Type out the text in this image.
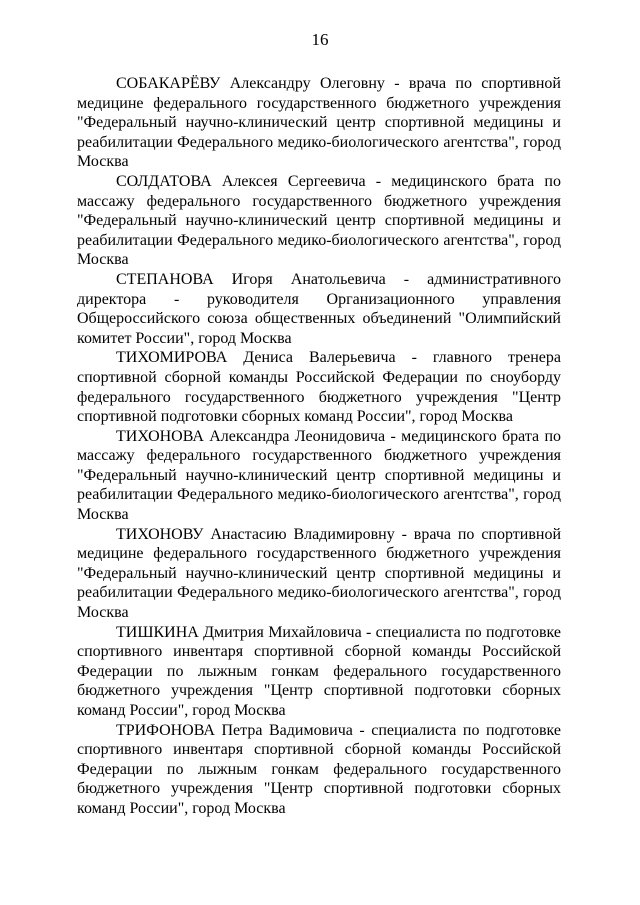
16

СОБАКАРЁВУ Александру Олеговну - врача по спортивной медицине федерального государственного бюджетного учреждения "Федеральный научно-клинический центр спортивной медицины и реабилитации Федерального медико-биологического агентства", город Москва

СОЛДАТОВА Алексея Сергеевича - медицинского брата по массажу федерального государственного бюджетного учреждения "Федеральный научно-клинический центр спортивной медицины и реабилитации Федерального медико-биологического агентства", город Москва

СТЕПАНОВА Игоря Анатольевича - административного директора - руководителя Организационного управления Общероссийского союза общественных объединений "Олимпийский комитет России", город Москва

ТИХОМИРОВА Дениса Валерьевича - главного тренера спортивной сборной команды Российской Федерации по сноуборду федерального государственного бюджетного учреждения "Центр спортивной подготовки сборных команд России", город Москва

ТИХОНОВА Александра Леонидовича - медицинского брата по массажу федерального государственного бюджетного учреждения "Федеральный научно-клинический центр спортивной медицины и реабилитации Федерального медико-биологического агентства", город Москва

ТИХОНОВУ Анастасию Владимировну - врача по спортивной медицине федерального государственного бюджетного учреждения "Федеральный научно-клинический центр спортивной медицины и реабилитации Федерального медико-биологического агентства", город Москва

ТИШКИНА Дмитрия Михайловича - специалиста по подготовке спортивного инвентаря спортивной сборной команды Российской Федерации по лыжным гонкам федерального государственного бюджетного учреждения "Центр спортивной подготовки сборных команд России", город Москва

ТРИФОНОВА Петра Вадимовича - специалиста по подготовке спортивного инвентаря спортивной сборной команды Российской Федерации по лыжным гонкам федерального государственного бюджетного учреждения "Центр спортивной подготовки сборных команд России", город Москва
